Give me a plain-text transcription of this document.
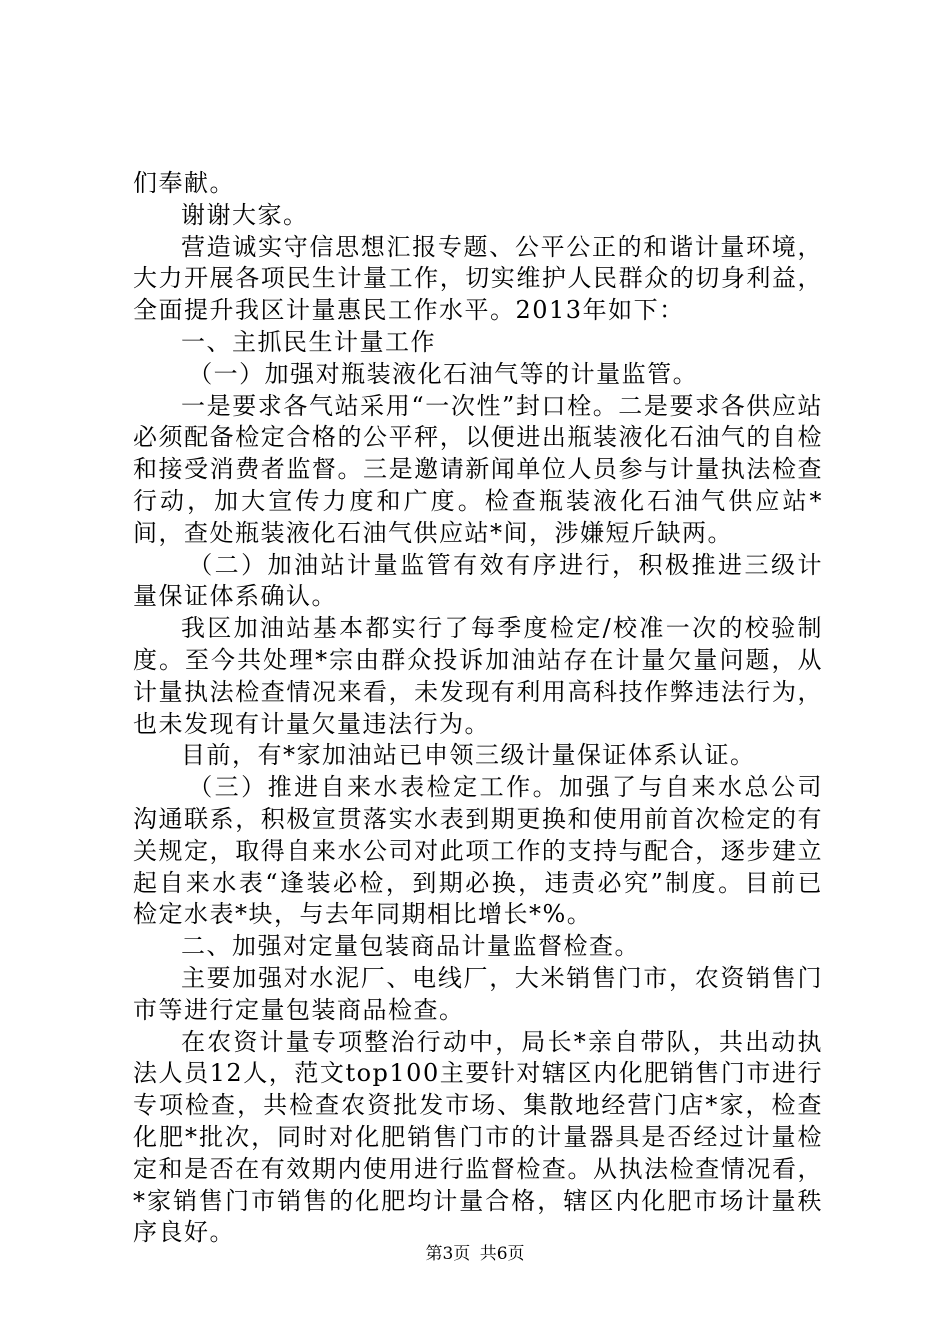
们奉献。

谢谢大家。

营造诚实守信思想汇报专题、公平公正的和谐计量环境，大力开展各项民生计量工作，切实维护人民群众的切身利益，全面提升我区计量惠民工作水平。2013年如下：

一、主抓民生计量工作

（一）加强对瓶装液化石油气等的计量监管。

一是要求各气站采用“一次性”封口栓。二是要求各供应站必须配备检定合格的公平秤，以便进出瓶装液化石油气的自检和接受消费者监督。三是邀请新闻单位人员参与计量执法检查行动，加大宣传力度和广度。检查瓶装液化石油气供应站*间，查处瓶装液化石油气供应站*间，涉嫌短斤缺两。

（二）加油站计量监管有效有序进行，积极推进三级计量保证体系确认。

我区加油站基本都实行了每季度检定/校准一次的校验制度。至今共处理*宗由群众投诉加油站存在计量欠量问题，从计量执法检查情况来看，未发现有利用高科技作弊违法行为，也未发现有计量欠量违法行为。

目前，有*家加油站已申领三级计量保证体系认证。

（三）推进自来水表检定工作。加强了与自来水总公司沟通联系，积极宣贯落实水表到期更换和使用前首次检定的有关规定，取得自来水公司对此项工作的支持与配合，逐步建立起自来水表“逢装必检，到期必换，违责必究”制度。目前已检定水表*块，与去年同期相比增长*%。

二、加强对定量包装商品计量监督检查。

主要加强对水泥厂、电线厂，大米销售门市，农资销售门市等进行定量包装商品检查。

在农资计量专项整治行动中，局长*亲自带队，共出动执法人员12人，范文top100主要针对辖区内化肥销售门市进行专项检查，共检查农资批发市场、集散地经营门店*家，检查化肥*批次，同时对化肥销售门市的计量器具是否经过计量检定和是否在有效期内使用进行监督检查。从执法检查情况看，*家销售门市销售的化肥均计量合格，辖区内化肥市场计量秩序良好。

第3页 共6页
